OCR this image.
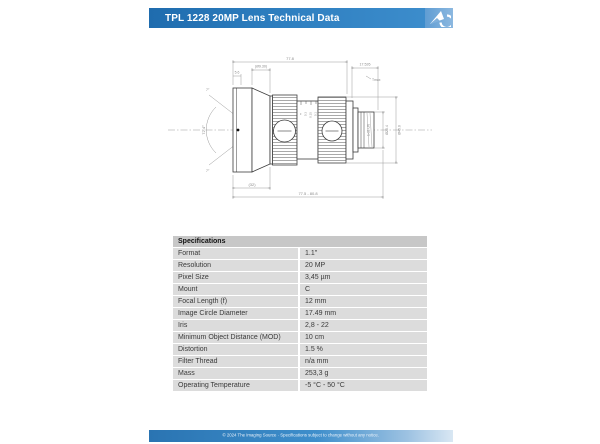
TPL 1228 20MP Lens Technical Data
72.4°
7°
7°
∞ 0.3 0.15 0.1
77.8
(Ø9.30)
5.6
17.526
Tmax
Ø25.4
1-32 UN	Ø45.0
(32)
77.5 - 80.8
Specifications
Format	1.1"
Resolution	20 MP
Pixel Size	3,45 µm
Mount	C
Focal Length (f)	12 mm
Image Circle Diameter	17.49 mm
Iris	2,8 - 22
Minimum Object Distance (MOD)	10 cm
Distortion	1.5 %
Filter Thread	n/a mm
Mass	253,3 g
Operating Temperature	-5 °C - 50 °C
© 2024 The Imaging Source · Specifications subject to change without any notice.
